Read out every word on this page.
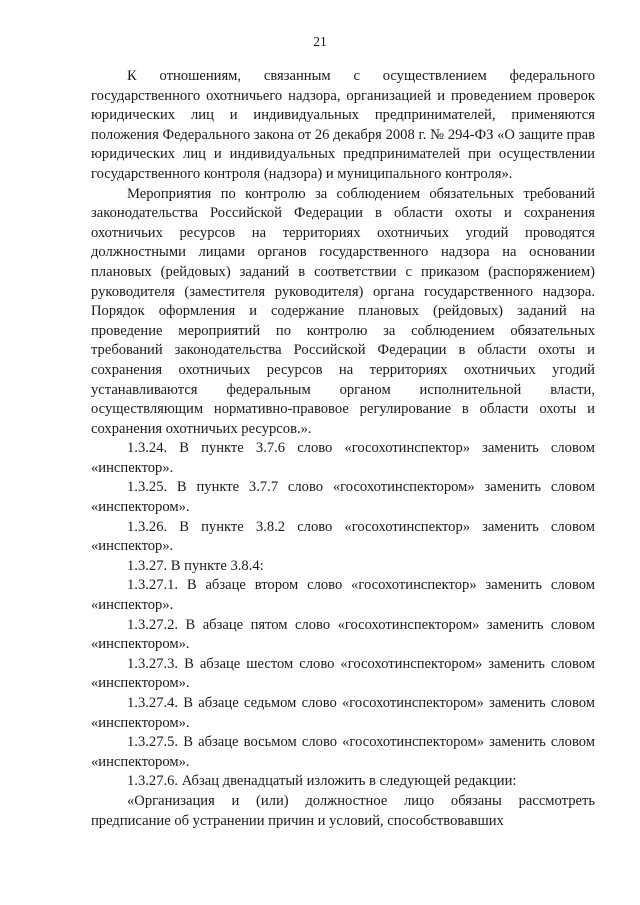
21

К отношениям, связанным с осуществлением федерального государственного охотничьего надзора, организацией и проведением проверок юридических лиц и индивидуальных предпринимателей, применяются положения Федерального закона от 26 декабря 2008 г. № 294-ФЗ «О защите прав юридических лиц и индивидуальных предпринимателей при осуществлении государственного контроля (надзора) и муниципального контроля».

Мероприятия по контролю за соблюдением обязательных требований законодательства Российской Федерации в области охоты и сохранения охотничьих ресурсов на территориях охотничьих угодий проводятся должностными лицами органов государственного надзора на основании плановых (рейдовых) заданий в соответствии с приказом (распоряжением) руководителя (заместителя руководителя) органа государственного надзора. Порядок оформления и содержание плановых (рейдовых) заданий на проведение мероприятий по контролю за соблюдением обязательных требований законодательства Российской Федерации в области охоты и сохранения охотничьих ресурсов на территориях охотничьих угодий устанавливаются федеральным органом исполнительной власти, осуществляющим нормативно-правовое регулирование в области охоты и сохранения охотничьих ресурсов.».

1.3.24. В пункте 3.7.6 слово «госохотинспектор» заменить словом «инспектор».

1.3.25. В пункте 3.7.7 слово «госохотинспектором» заменить словом «инспектором».

1.3.26. В пункте 3.8.2 слово «госохотинспектор» заменить словом «инспектор».

1.3.27. В пункте 3.8.4:

1.3.27.1. В абзаце втором слово «госохотинспектор» заменить словом «инспектор».

1.3.27.2. В абзаце пятом слово «госохотинспектором» заменить словом «инспектором».

1.3.27.3. В абзаце шестом слово «госохотинспектором» заменить словом «инспектором».

1.3.27.4. В абзаце седьмом слово «госохотинспектором» заменить словом «инспектором».

1.3.27.5. В абзаце восьмом слово «госохотинспектором» заменить словом «инспектором».

1.3.27.6. Абзац двенадцатый изложить в следующей редакции:

«Организация и (или) должностное лицо обязаны рассмотреть предписание об устранении причин и условий, способствовавших
